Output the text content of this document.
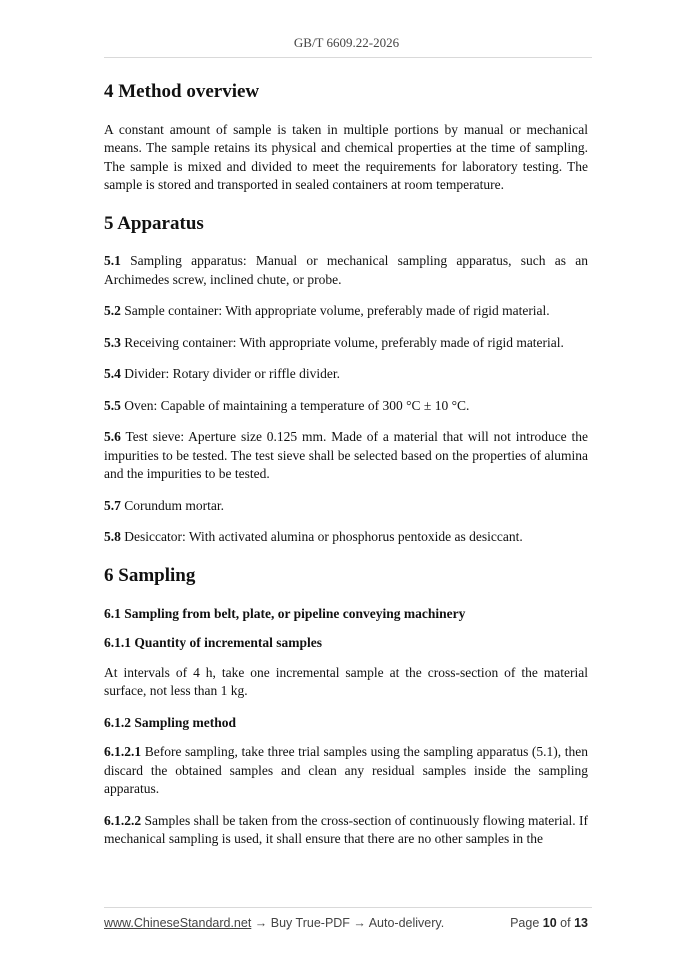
GB/T 6609.22-2026
4 Method overview

A constant amount of sample is taken in multiple portions by manual or mechanical means. The sample retains its physical and chemical properties at the time of sampling. The sample is mixed and divided to meet the requirements for laboratory testing. The sample is stored and transported in sealed containers at room temperature.

5 Apparatus

5.1 Sampling apparatus: Manual or mechanical sampling apparatus, such as an Archimedes screw, inclined chute, or probe.

5.2 Sample container: With appropriate volume, preferably made of rigid material.

5.3 Receiving container: With appropriate volume, preferably made of rigid material.

5.4 Divider: Rotary divider or riffle divider.

5.5 Oven: Capable of maintaining a temperature of 300 °C ± 10 °C.

5.6 Test sieve: Aperture size 0.125 mm. Made of a material that will not introduce the impurities to be tested. The test sieve shall be selected based on the properties of alumina and the impurities to be tested.

5.7 Corundum mortar.

5.8 Desiccator: With activated alumina or phosphorus pentoxide as desiccant.

6 Sampling
6.1 Sampling from belt, plate, or pipeline conveying machinery
6.1.1 Quantity of incremental samples

At intervals of 4 h, take one incremental sample at the cross-section of the material surface, not less than 1 kg.

6.1.2 Sampling method

6.1.2.1 Before sampling, take three trial samples using the sampling apparatus (5.1), then discard the obtained samples and clean any residual samples inside the sampling apparatus.

6.1.2.2 Samples shall be taken from the cross-section of continuously flowing material. If mechanical sampling is used, it shall ensure that there are no other samples in the

www.ChineseStandard.net → Buy True-PDF → Auto-delivery.	Page 10 of 13
